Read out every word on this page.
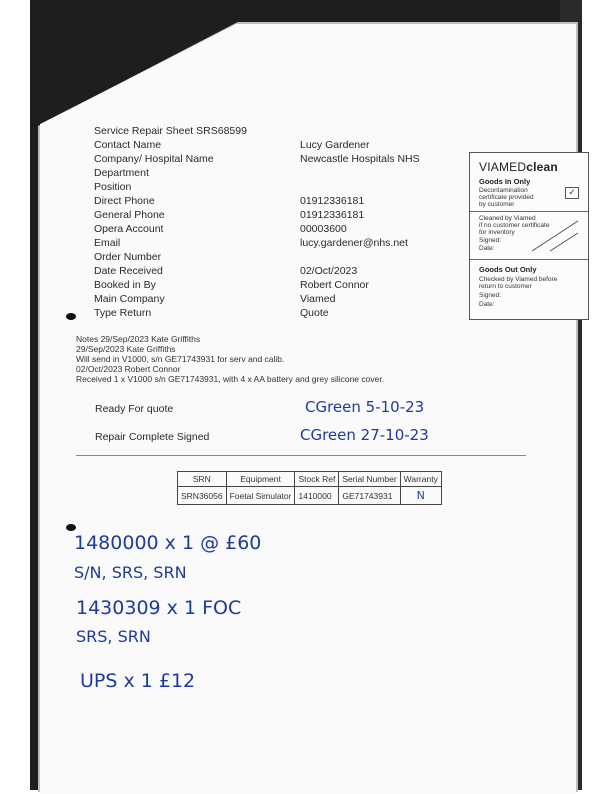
Service Repair Sheet SRS68599
Contact Name	Lucy Gardener
Company/ Hospital Name	Newcastle Hospitals NHS
Department
Position
Direct Phone	01912336181
General Phone	01912336181
Opera Account	00003600
Email	lucy.gardener@nhs.net
Order Number
Date Received	02/Oct/2023
Booked in By	Robert Connor
Main Company	Viamed
Type Return	Quote
VIAMEDclean
Goods In Only
Decontamination
certificate provided
by customer
✓
Cleaned by Viamed
if no customer certificate
for inventory
Signed:
Date:
Goods Out Only
Checked by Viamed before
return to customer
Signed:
Date:
Notes 29/Sep/2023 Kate Griffiths
29/Sep/2023 Kate Griffiths
Will send in V1000, s/n GE71743931 for serv and calib.
02/Oct/2023 Robert Connor
Received 1 x V1000 s/n GE71743931, with 4 x AA battery and grey silicone cover.
Ready For quote	CGreen 5-10-23
Repair Complete Signed	CGreen 27-10-23
SRN	Equipment	Stock Ref	Serial Number	Warranty
SRN36056	Foetal Simulator	1410000	GE71743931	N
1480000 x 1 @ £60
S/N, SRS, SRN
1430309 x 1 FOC
SRS, SRN
UPS x 1 £12
